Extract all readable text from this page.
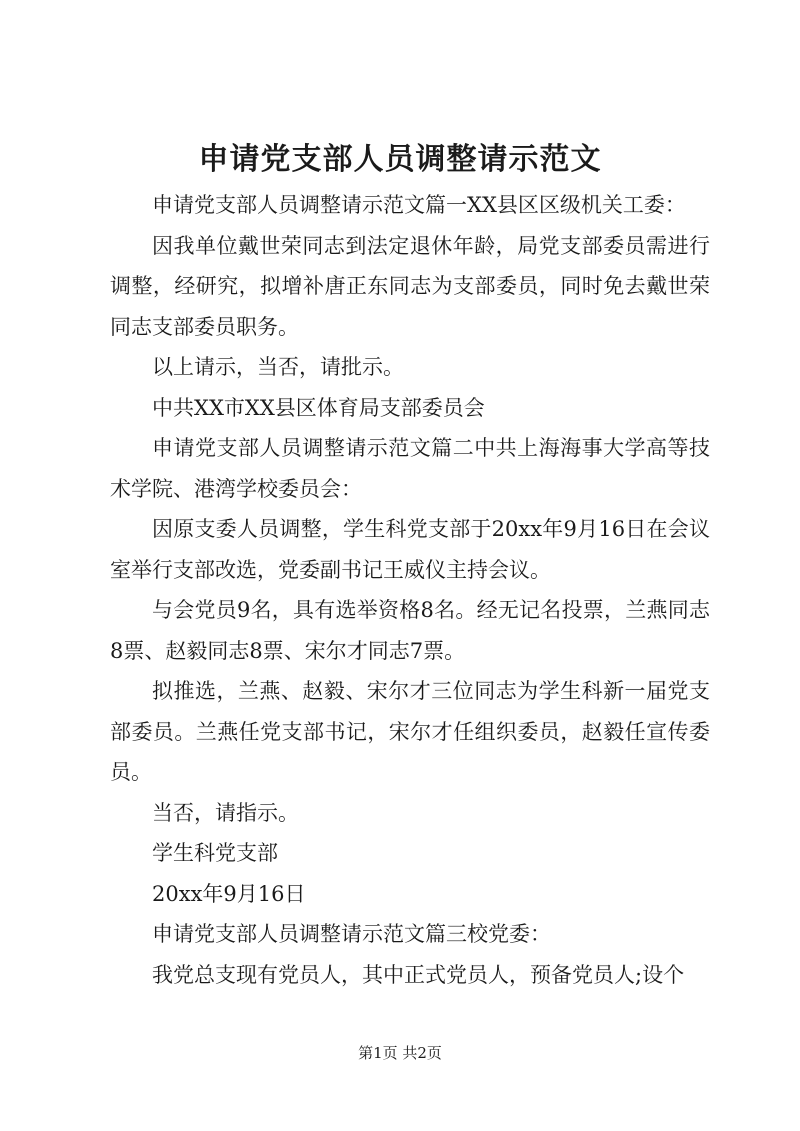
申请党支部人员调整请示范文

申请党支部人员调整请示范文篇一XX县区区级机关工委：

因我单位戴世荣同志到法定退休年龄，局党支部委员需进行调整，经研究，拟增补唐正东同志为支部委员，同时免去戴世荣同志支部委员职务。

以上请示，当否，请批示。

中共XX市XX县区体育局支部委员会

申请党支部人员调整请示范文篇二中共上海海事大学高等技术学院、港湾学校委员会：

因原支委人员调整，学生科党支部于20xx年9月16日在会议室举行支部改选，党委副书记王威仪主持会议。

与会党员9名，具有选举资格8名。经无记名投票，兰燕同志8票、赵毅同志8票、宋尔才同志7票。

拟推选，兰燕、赵毅、宋尔才三位同志为学生科新一届党支部委员。兰燕任党支部书记，宋尔才任组织委员，赵毅任宣传委员。

当否，请指示。

学生科党支部

20xx年9月16日

申请党支部人员调整请示范文篇三校党委：

我党总支现有党员人，其中正式党员人，预备党员人;设个

第1页 共2页
